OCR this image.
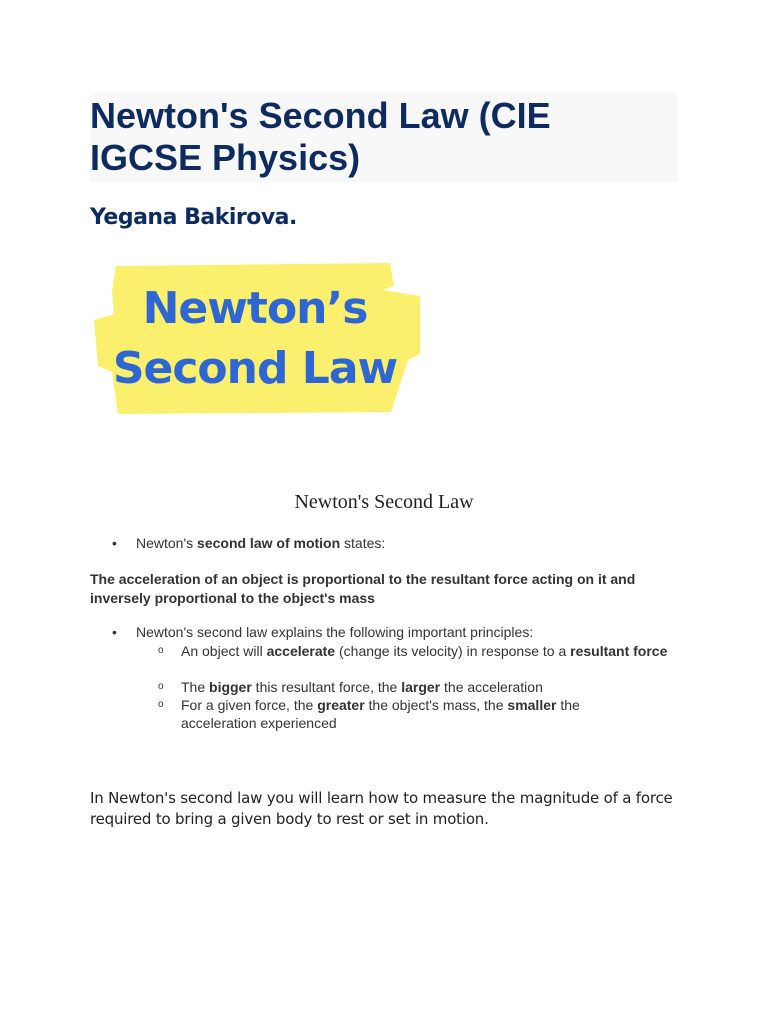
Newton's Second Law (CIE IGCSE Physics)
Yegana Bakirova.
Newton’s
Second Law
Newton's Second Law
• Newton's second law of motion states:

The acceleration of an object is proportional to the resultant force acting on it and inversely proportional to the object's mass

• Newton's second law explains the following important principles:
o An object will accelerate (change its velocity) in response to a resultant force
o The bigger this resultant force, the larger the acceleration
o For a given force, the greater the object's mass, the smaller the acceleration experienced

In Newton's second law you will learn how to measure the magnitude of a force required to bring a given body to rest or set in motion.
